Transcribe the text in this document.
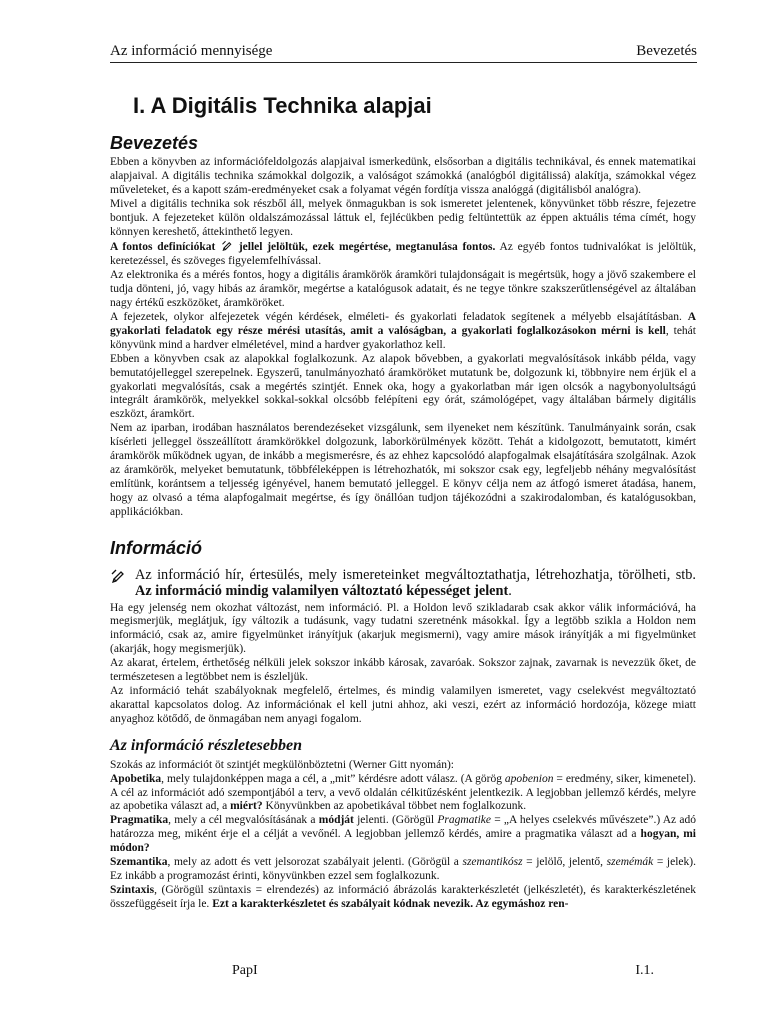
Az információ mennyisége	Bevezetés
I. A Digitális Technika alapjai
Bevezetés

Ebben a könyvben az információfeldolgozás alapjaival ismerkedünk, elsősorban a digitális technikával, és ennek matematikai alapjaival. A digitális technika számokkal dolgozik, a valóságot számokká (analógból digitálissá) alakítja, számokkal végez műveleteket, és a kapott szám-eredményeket csak a folyamat végén fordítja vissza analóggá (digitálisból analógra).

Mivel a digitális technika sok részből áll, melyek önmagukban is sok ismeretet jelentenek, könyvünket több részre, fejezetre bontjuk. A fejezeteket külön oldalszámozással láttuk el, fejlécükben pedig feltüntettük az éppen aktuális téma címét, hogy könnyen kereshető, áttekinthető legyen.

A fontos definíciókat jellel jelöltük, ezek megértése, megtanulása fontos. Az egyéb fontos tudnivalókat is jelöltük, keretezéssel, és szöveges figyelemfelhívással.

Az elektronika és a mérés fontos, hogy a digitális áramkörök áramköri tulajdonságait is megértsük, hogy a jövő szakembere el tudja dönteni, jó, vagy hibás az áramkör, megértse a katalógusok adatait, és ne tegye tönkre szakszerűtlenségével az általában nagy értékű eszközöket, áramköröket.

A fejezetek, olykor alfejezetek végén kérdések, elméleti- és gyakorlati feladatok segítenek a mélyebb elsajátításban. A gyakorlati feladatok egy része mérési utasítás, amit a valóságban, a gyakorlati foglalkozásokon mérni is kell, tehát könyvünk mind a hardver elméletével, mind a hardver gyakorlathoz kell.

Ebben a könyvben csak az alapokkal foglalkozunk. Az alapok bővebben, a gyakorlati megvalósítások inkább példa, vagy bemutatójelleggel szerepelnek. Egyszerű, tanulmányozható áramköröket mutatunk be, dolgozunk ki, többnyire nem érjük el a gyakorlati megvalósítás, csak a megértés szintjét. Ennek oka, hogy a gyakorlatban már igen olcsók a nagybonyolultságú integrált áramkörök, melyekkel sokkal-sokkal olcsóbb felépíteni egy órát, számológépet, vagy általában bármely digitális eszközt, áramkört.

Nem az iparban, irodában használatos berendezéseket vizsgálunk, sem ilyeneket nem készítünk. Tanulmányaink során, csak kísérleti jelleggel összeállított áramkörökkel dolgozunk, laborkörülmények között. Tehát a kidolgozott, bemutatott, kimért áramkörök működnek ugyan, de inkább a megismerésre, és az ehhez kapcsolódó alapfogalmak elsajátítására szolgálnak. Azok az áramkörök, melyeket bemutatunk, többféleképpen is létrehozhatók, mi sokszor csak egy, legfeljebb néhány megvalósítást említünk, korántsem a teljesség igényével, hanem bemutató jelleggel. E könyv célja nem az átfogó ismeret átadása, hanem, hogy az olvasó a téma alapfogalmait megértse, és így önállóan tudjon tájékozódni a szakirodalomban, és katalógusokban, applikációkban.

Információ
Az információ hír, értesülés, mely ismereteinket megváltoztathatja, létrehozhatja, törölheti, stb. Az információ mindig valamilyen változtató képességet jelent.

Ha egy jelenség nem okozhat változást, nem információ. Pl. a Holdon levő szikladarab csak akkor válik információvá, ha megismerjük, meglátjuk, így változik a tudásunk, vagy tudatni szeretnénk másokkal. Így a legtöbb szikla a Holdon nem információ, csak az, amire figyelmünket irányítjuk (akarjuk megismerni), vagy amire mások irányítják a mi figyelmünket (akarják, hogy megismerjük).

Az akarat, értelem, érthetőség nélküli jelek sokszor inkább károsak, zavaróak. Sokszor zajnak, zavarnak is nevezzük őket, de természetesen a legtöbbet nem is észleljük.

Az információ tehát szabályoknak megfelelő, értelmes, és mindig valamilyen ismeretet, vagy cselekvést megváltoztató akarattal kapcsolatos dolog. Az információnak el kell jutni ahhoz, aki veszi, ezért az információ hordozója, közege miatt anyaghoz kötődő, de önmagában nem anyagi fogalom.

Az információ részletesebben

Szokás az információt öt szintjét megkülönböztetni (Werner Gitt nyomán):

Apobetika, mely tulajdonképpen maga a cél, a „mit” kérdésre adott válasz. (A görög apobenion = eredmény, siker, kimenetel). A cél az információt adó szempontjából a terv, a vevő oldalán célkitűzésként jelentkezik. A legjobban jellemző kérdés, melyre az apobetika választ ad, a miért? Könyvünkben az apobetikával többet nem foglalkozunk.

Pragmatika, mely a cél megvalósításának a módját jelenti. (Görögül Pragmatike = „A helyes cselekvés művészete”.) Az adó határozza meg, miként érje el a célját a vevőnél. A legjobban jellemző kérdés, amire a pragmatika választ ad a hogyan, mi módon?

Szemantika, mely az adott és vett jelsorozat szabályait jelenti. (Görögül a szemantikósz = jelölő, jelentő, szemémák = jelek). Ez inkább a programozást érinti, könyvünkben ezzel sem foglalkozunk.

Szintaxis, (Görögül szüntaxis = elrendezés) az információ ábrázolás karakterkészletét (jelkészletét), és karakterkészletének összefüggéseit írja le. Ezt a karakterkészletet és szabályait kódnak nevezik. Az egymáshoz ren-

PapI	I.1.
